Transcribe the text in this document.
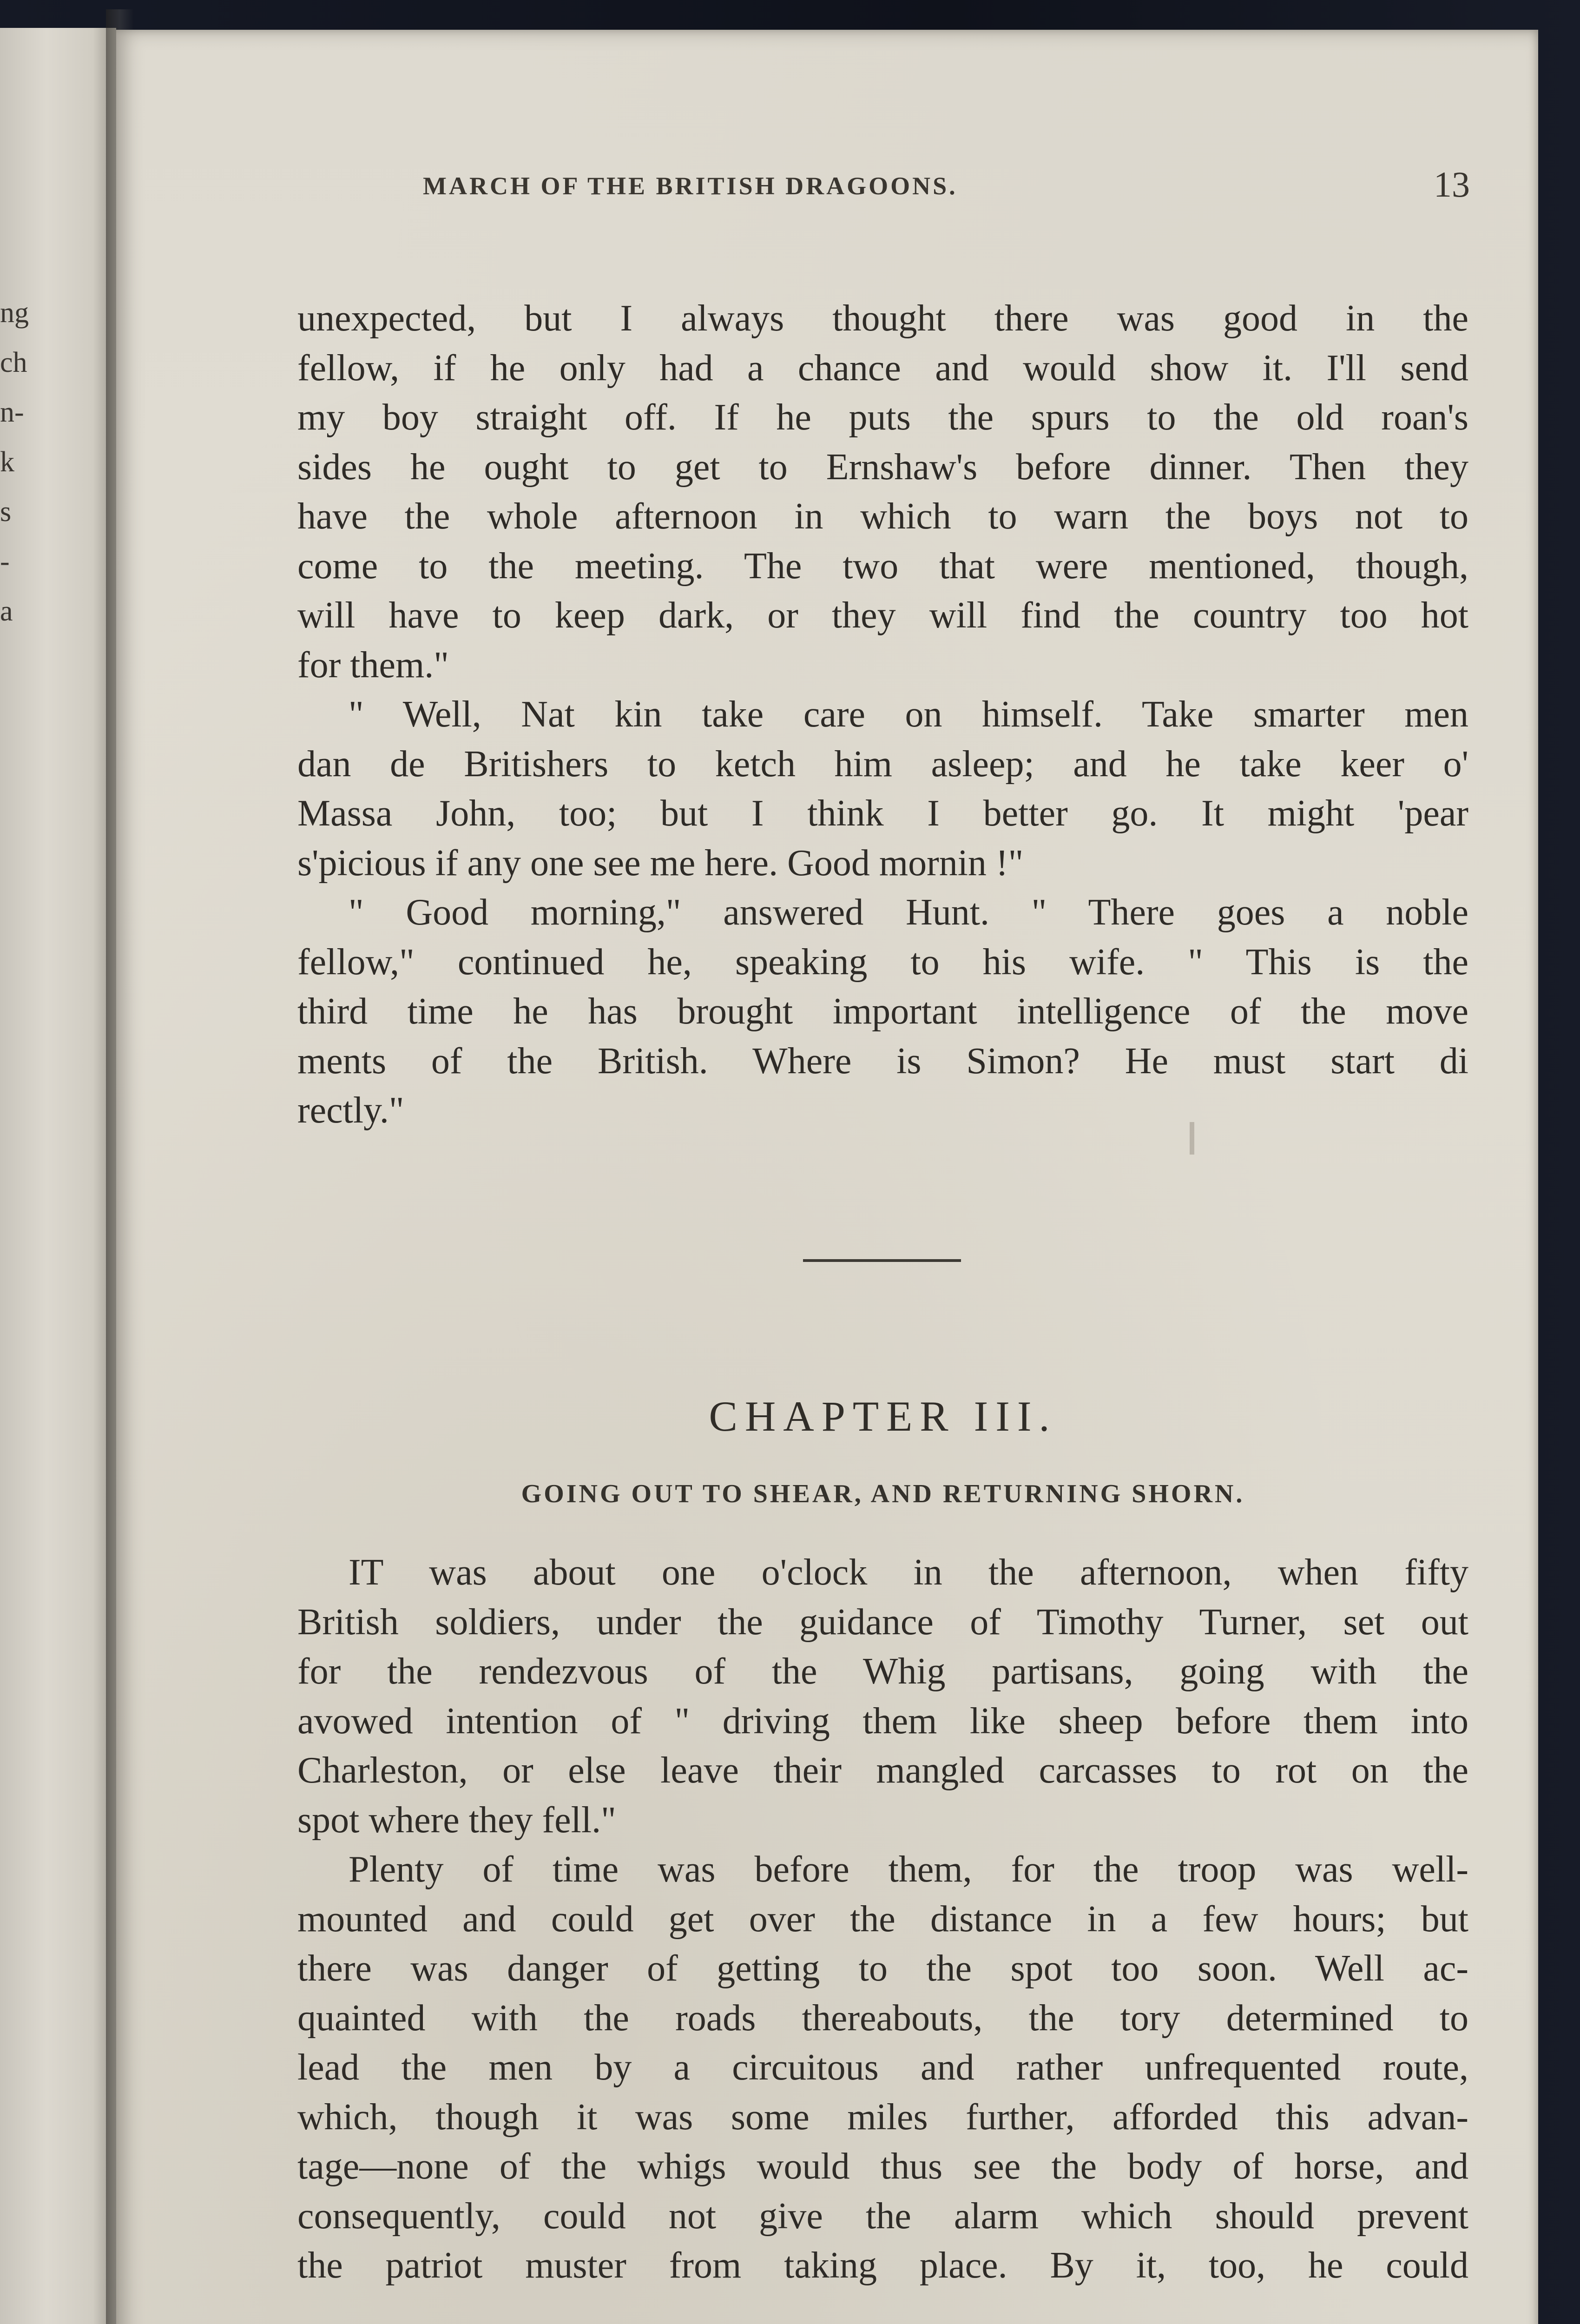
ng
ch
n-
k
s
-
a
MARCH OF THE BRITISH DRAGOONS.	13
unexpected, but I always thought there was good in the
fellow, if he only had a chance and would show it. I'll send
my boy straight off. If he puts the spurs to the old roan's
sides he ought to get to Ernshaw's before dinner. Then they
have the whole afternoon in which to warn the boys not to
come to the meeting. The two that were mentioned, though,
will have to keep dark, or they will find the country too hot
for them."
" Well, Nat kin take care on himself. Take smarter men
dan de Britishers to ketch him asleep; and he take keer o'
Massa John, too; but I think I better go. It might 'pear
s'picious if any one see me here. Good mornin !"
" Good morning," answered Hunt. " There goes a noble
fellow," continued he, speaking to his wife. " This is the
third time he has brought important intelligence of the move
ments of the British. Where is Simon? He must start di
rectly."
CHAPTER III.
GOING OUT TO SHEAR, AND RETURNING SHORN.
IT was about one o'clock in the afternoon, when fifty
British soldiers, under the guidance of Timothy Turner, set out
for the rendezvous of the Whig partisans, going with the
avowed intention of " driving them like sheep before them into
Charleston, or else leave their mangled carcasses to rot on the
spot where they fell."
Plenty of time was before them, for the troop was well-
mounted and could get over the distance in a few hours; but
there was danger of getting to the spot too soon. Well ac-
quainted with the roads thereabouts, the tory determined to
lead the men by a circuitous and rather unfrequented route,
which, though it was some miles further, afforded this advan-
tage—none of the whigs would thus see the body of horse, and
consequently, could not give the alarm which should prevent
the patriot muster from taking place. By it, too, he could
